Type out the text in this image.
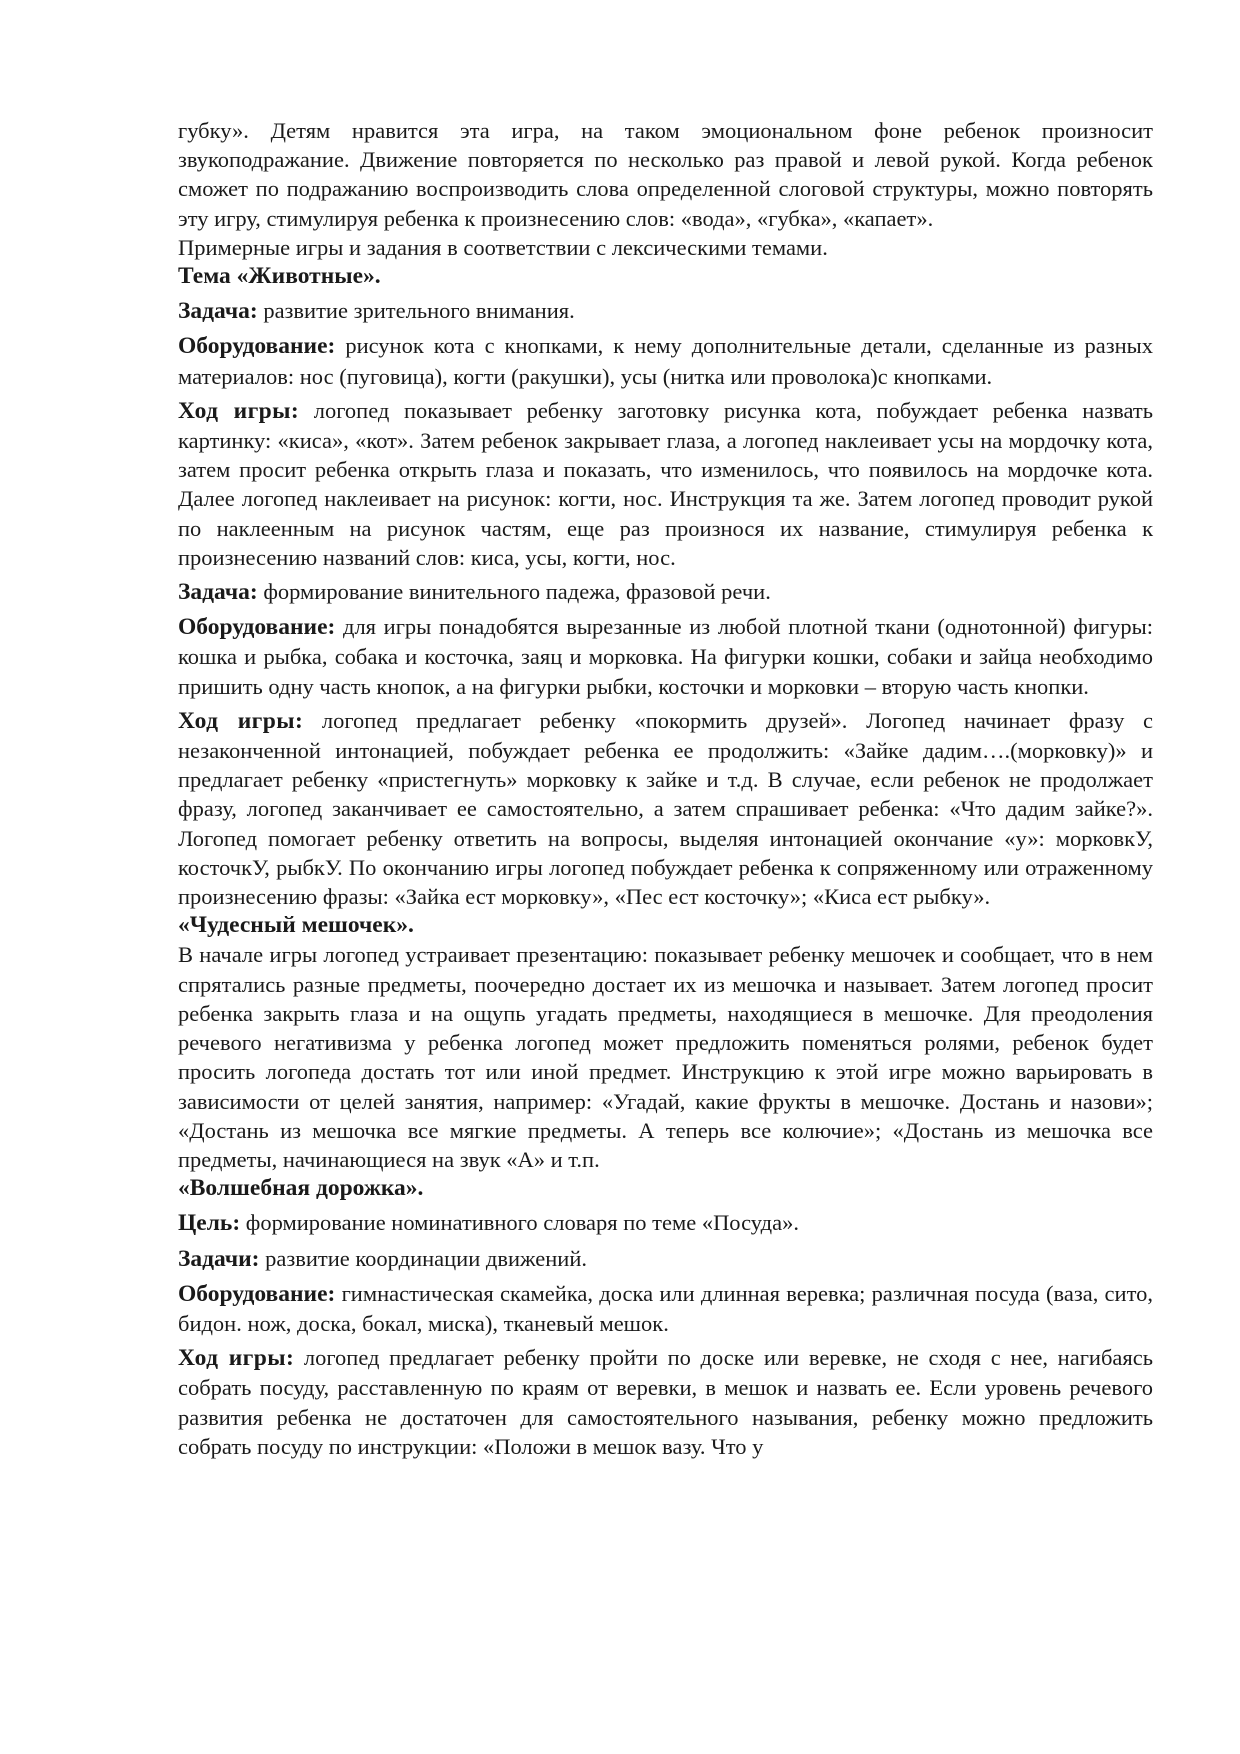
губку». Детям нравится эта игра, на таком эмоциональном фоне ребенок произносит звукоподражание. Движение повторяется по несколько раз правой и левой рукой. Когда ребенок сможет по подражанию воспроизводить слова определенной слоговой структуры, можно повторять эту игру, стимулируя ребенка к произнесению слов: «вода», «губка», «капает».

Примерные игры и задания в соответствии с лексическими темами.

Тема «Животные».

Задача: развитие зрительного внимания.

Оборудование: рисунок кота с кнопками, к нему дополнительные детали, сделанные из разных материалов: нос (пуговица), когти (ракушки), усы (нитка или проволока)с кнопками.

Ход игры: логопед показывает ребенку заготовку рисунка кота, побуждает ребенка назвать картинку: «киса», «кот». Затем ребенок закрывает глаза, а логопед наклеивает усы на мордочку кота, затем просит ребенка открыть глаза и показать, что изменилось, что появилось на мордочке кота. Далее логопед наклеивает на рисунок: когти, нос. Инструкция та же. Затем логопед проводит рукой по наклеенным на рисунок частям, еще раз произнося их название, стимулируя ребенка к произнесению названий слов: киса, усы, когти, нос.

Задача: формирование винительного падежа, фразовой речи.

Оборудование: для игры понадобятся вырезанные из любой плотной ткани (однотонной) фигуры: кошка и рыбка, собака и косточка, заяц и морковка. На фигурки кошки, собаки и зайца необходимо пришить одну часть кнопок, а на фигурки рыбки, косточки и морковки – вторую часть кнопки.

Ход игры: логопед предлагает ребенку «покормить друзей». Логопед начинает фразу с незаконченной интонацией, побуждает ребенка ее продолжить: «Зайке дадим….(морковку)» и предлагает ребенку «пристегнуть» морковку к зайке и т.д. В случае, если ребенок не продолжает фразу, логопед заканчивает ее самостоятельно, а затем спрашивает ребенка: «Что дадим зайке?». Логопед помогает ребенку ответить на вопросы, выделяя интонацией окончание «у»: морковкУ, косточкУ, рыбкУ. По окончанию игры логопед побуждает ребенка к сопряженному или отраженному произнесению фразы: «Зайка ест морковку», «Пес ест косточку»; «Киса ест рыбку».

«Чудесный мешочек».

В начале игры логопед устраивает презентацию: показывает ребенку мешочек и сообщает, что в нем спрятались разные предметы, поочередно достает их из мешочка и называет. Затем логопед просит ребенка закрыть глаза и на ощупь угадать предметы, находящиеся в мешочке. Для преодоления речевого негативизма у ребенка логопед может предложить поменяться ролями, ребенок будет просить логопеда достать тот или иной предмет. Инструкцию к этой игре можно варьировать в зависимости от целей занятия, например: «Угадай, какие фрукты в мешочке. Достань и назови»; «Достань из мешочка все мягкие предметы. А теперь все колючие»; «Достань из мешочка все предметы, начинающиеся на звук «А» и т.п.

«Волшебная дорожка».

Цель: формирование номинативного словаря по теме «Посуда».

Задачи: развитие координации движений.

Оборудование: гимнастическая скамейка, доска или длинная веревка; различная посуда (ваза, сито, бидон. нож, доска, бокал, миска), тканевый мешок.

Ход игры: логопед предлагает ребенку пройти по доске или веревке, не сходя с нее, нагибаясь собрать посуду, расставленную по краям от веревки, в мешок и назвать ее. Если уровень речевого развития ребенка не достаточен для самостоятельного называния, ребенку можно предложить собрать посуду по инструкции: «Положи в мешок вазу. Что у
